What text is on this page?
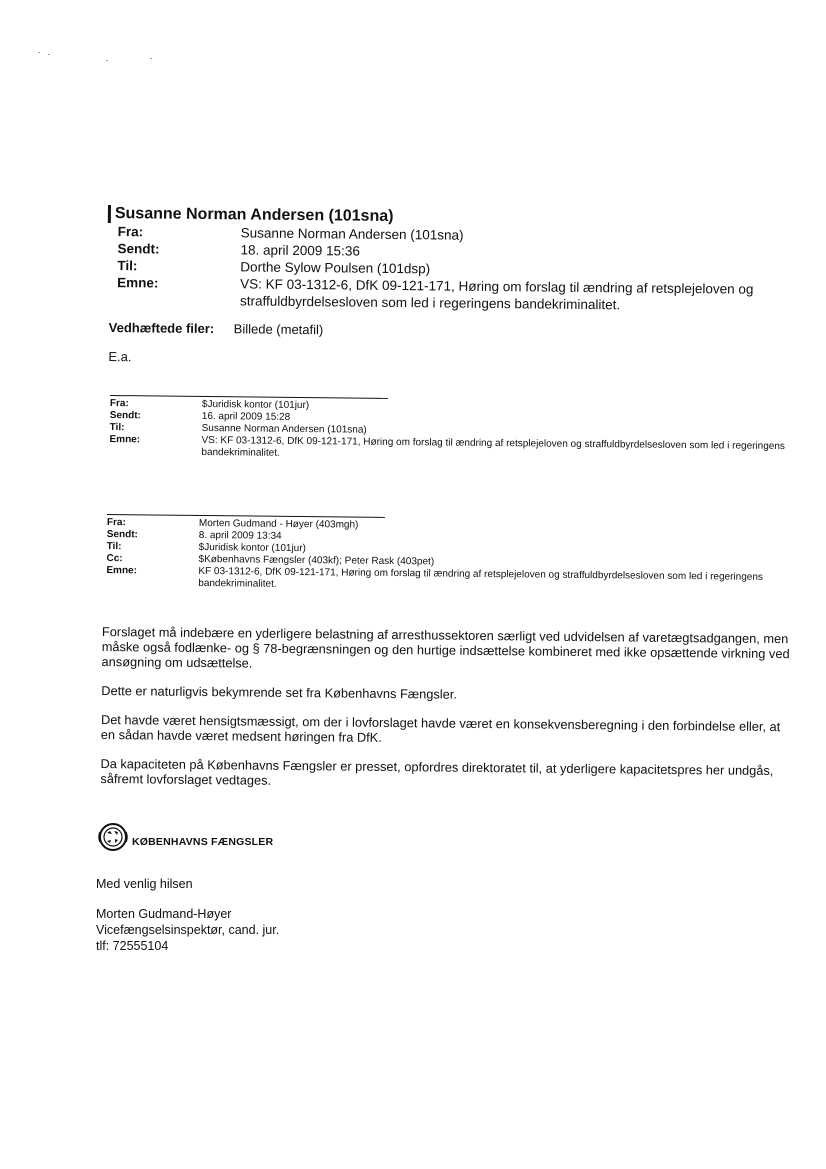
Susanne Norman Andersen (101sna)
Fra:	Susanne Norman Andersen (101sna)
Sendt:	18. april 2009 15:36
Til:	Dorthe Sylow Poulsen (101dsp)
Emne:	VS: KF 03-1312-6, DfK 09-121-171, Høring om forslag til ændring af retsplejeloven og straffuldbyrdelsesloven som led i regeringens bandekriminalitet.
Vedhæftede filer:	Billede (metafil)
E.a.
Fra:	$Juridisk kontor (101jur)
Sendt:	16. april 2009 15:28
Til:	Susanne Norman Andersen (101sna)
Emne:	VS: KF 03-1312-6, DfK 09-121-171, Høring om forslag til ændring af retsplejeloven og straffuldbyrdelsesloven som led i regeringens bandekriminalitet.
Fra:	Morten Gudmand - Høyer (403mgh)
Sendt:	8. april 2009 13:34
Til:	$Juridisk kontor (101jur)
Cc:	$Københavns Fængsler (403kf); Peter Rask (403pet)
Emne:	KF 03-1312-6, DfK 09-121-171, Høring om forslag til ændring af retsplejeloven og straffuldbyrdelsesloven som led i regeringens bandekriminalitet.

Forslaget må indebære en yderligere belastning af arresthussektoren særligt ved udvidelsen af varetægtsadgangen, men måske også fodlænke- og § 78-begrænsningen og den hurtige indsættelse kombineret med ikke opsættende virkning ved ansøgning om udsættelse.

Dette er naturligvis bekymrende set fra Københavns Fængsler.

Det havde været hensigtsmæssigt, om der i lovforslaget havde været en konsekvensberegning i den forbindelse eller, at en sådan havde været medsent høringen fra DfK.

Da kapaciteten på Københavns Fængsler er presset, opfordres direktoratet til, at yderligere kapacitetspres her undgås, såfremt lovforslaget vedtages.

KØBENHAVNS FÆNGSLER
Med venlig hilsen
Morten Gudmand-Høyer
Vicefængselsinspektør, cand. jur.
tlf: 72555104
